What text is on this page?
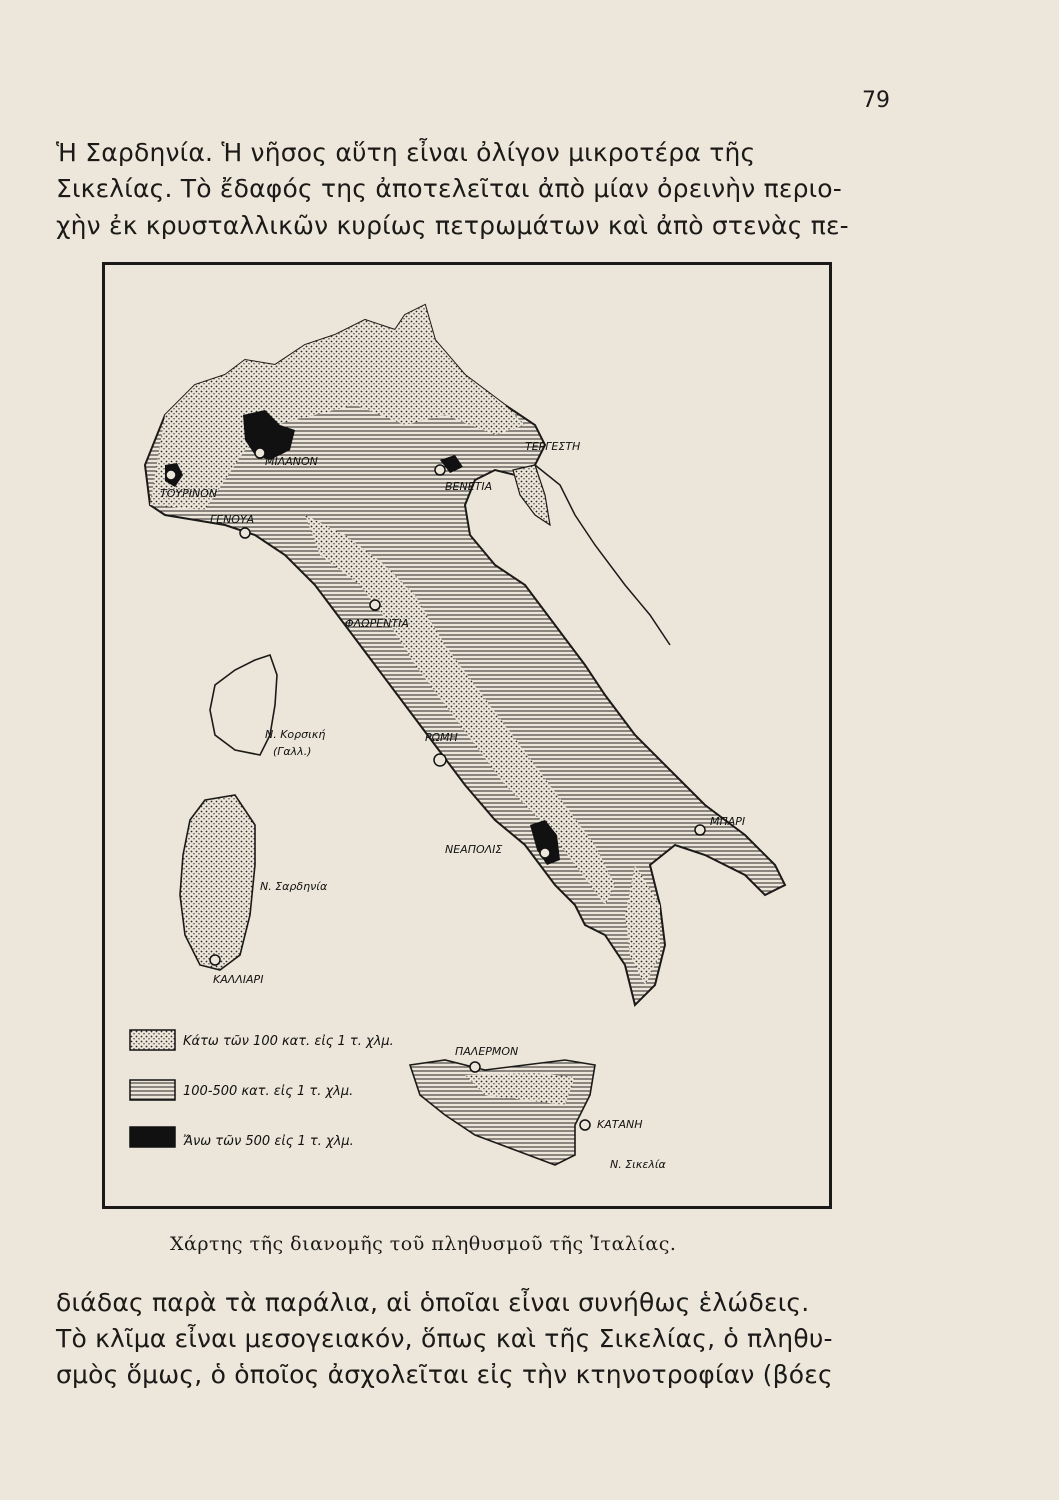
79
Ἡ Σαρδηνία. Ἡ νῆσος αὕτη εἶναι ὀλίγον μικροτέρα τῆς
Σικελίας. Τὸ ἔδαφός της ἀποτελεῖται ἀπὸ μίαν ὀρεινὴν περιο-
χὴν ἐκ κρυσταλλικῶν κυρίως πετρωμάτων καὶ ἀπὸ στενὰς πε-
ΜΙΛΑΝΟΝ
ΤΟΥΡΙΝΟΝ
ΓΕΝΟΥΑ
ΒΕΝΕΤΙΑ
ΤΕΡΓΕΣΤΗ
ΦΛΩΡΕΝΤΙΑ
ΡΩΜΗ
ΝΕΑΠΟΛΙΣ
ΜΠΑΡΙ
ΠΑΛΕΡΜΟΝ
ΚΑΤΑΝΗ
ΚΑΛΛΙΑΡΙ
Ν. Κορσική
(Γαλλ.)
Ν. Σαρδηνία
Ν. Σικελία
Κάτω τῶν 100 κατ. εἰς 1 τ. χλμ.
100-500 κατ. εἰς 1 τ. χλμ.
Ἄνω τῶν 500 εἰς 1 τ. χλμ.
Χάρτης τῆς διανομῆς τοῦ πληθυσμοῦ τῆς Ἰταλίας.
διάδας παρὰ τὰ παράλια, αἱ ὁποῖαι εἶναι συνήθως ἑλώδεις.
Τὸ κλῖμα εἶναι μεσογειακόν, ὅπως καὶ τῆς Σικελίας, ὁ πληθυ-
σμὸς ὅμως, ὁ ὁποῖος ἀσχολεῖται εἰς τὴν κτηνοτροφίαν (βόες
